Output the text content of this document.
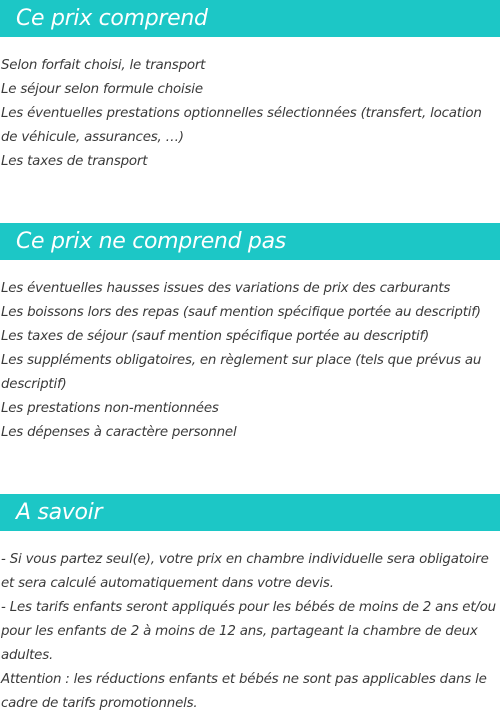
Ce prix comprend
Selon forfait choisi, le transport
Le séjour selon formule choisie
Les éventuelles prestations optionnelles sélectionnées (transfert, location de véhicule, assurances, …)
Les taxes de transport
Ce prix ne comprend pas
Les éventuelles hausses issues des variations de prix des carburants
Les boissons lors des repas (sauf mention spécifique portée au descriptif)
Les taxes de séjour (sauf mention spécifique portée au descriptif)
Les suppléments obligatoires, en règlement sur place (tels que prévus au descriptif)
Les prestations non-mentionnées
Les dépenses à caractère personnel
A savoir
- Si vous partez seul(e), votre prix en chambre individuelle sera obligatoire et sera calculé automatiquement dans votre devis.
- Les tarifs enfants seront appliqués pour les bébés de moins de 2 ans et/ou pour les enfants de 2 à moins de 12 ans, partageant la chambre de deux adultes.
Attention : les réductions enfants et bébés ne sont pas applicables dans le cadre de tarifs promotionnels.
